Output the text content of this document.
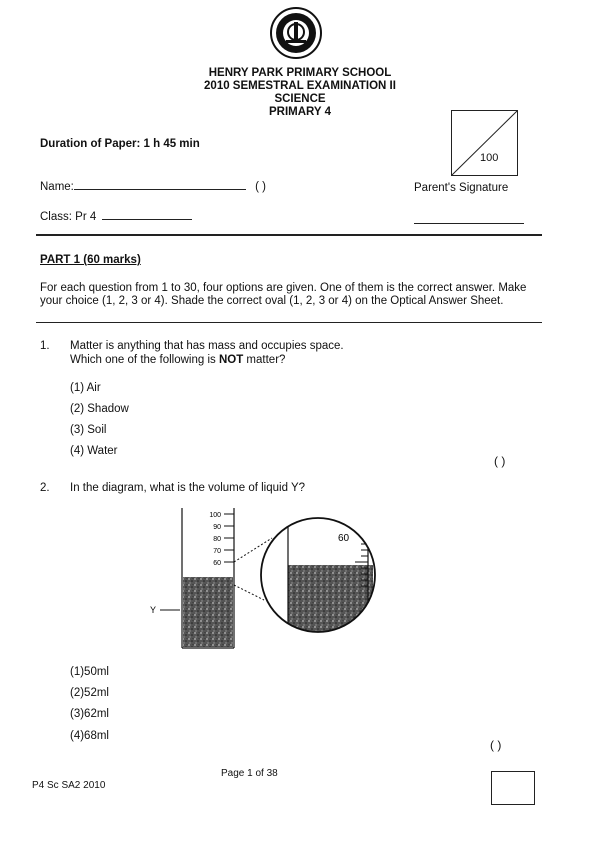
HENRY PARK PRIMARY SCHOOL
2010 SEMESTRAL EXAMINATION II
SCIENCE
PRIMARY 4
Duration of Paper: 1 h 45 min
100
Name:	( )	Parent's Signature
Class: Pr 4
PART 1 (60 marks)
For each question from 1 to 30, four options are given. One of them is the correct answer. Make your choice (1, 2, 3 or 4). Shade the correct oval (1, 2, 3 or 4) on the Optical Answer Sheet.
1. Matter is anything that has mass and occupies space.
Which one of the following is NOT matter?
(1) Air
(2) Shadow
(3) Soil
(4) Water
( )
2. In the diagram, what is the volume of liquid Y?
100
90
80
70
60
Y
60
(1)50ml
(2)52ml
(3)62ml
(4)68ml
( )
Page 1 of 38
P4 Sc SA2 2010
